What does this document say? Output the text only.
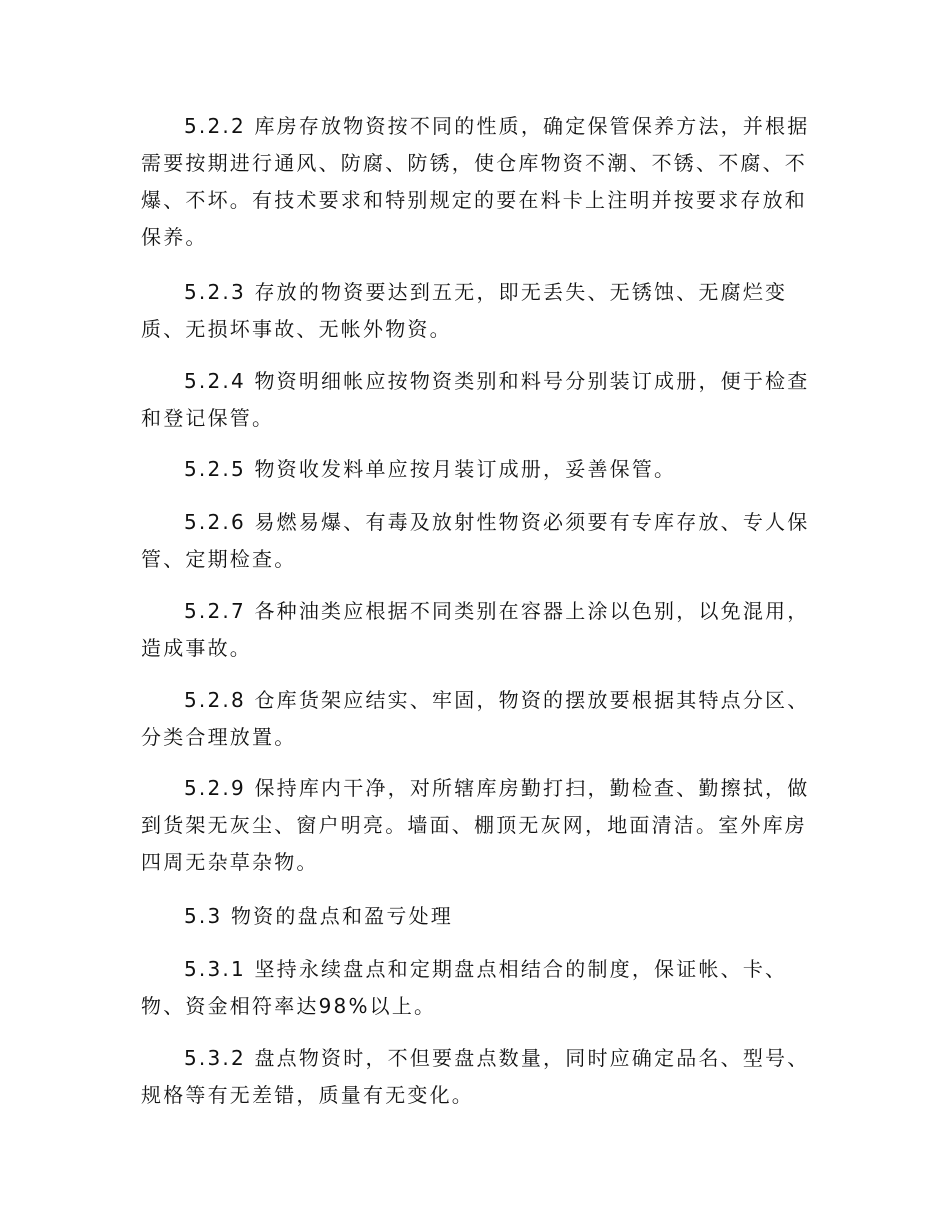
5.2.2 库房存放物资按不同的性质，确定保管保养方法，并根据
需要按期进行通风、防腐、防锈，使仓库物资不潮、不锈、不腐、不
爆、不坏。有技术要求和特别规定的要在料卡上注明并按要求存放和
保养。

5.2.3 存放的物资要达到五无，即无丢失、无锈蚀、无腐烂变
质、无损坏事故、无帐外物资。

5.2.4 物资明细帐应按物资类别和料号分别装订成册，便于检查
和登记保管。

5.2.5 物资收发料单应按月装订成册，妥善保管。

5.2.6 易燃易爆、有毒及放射性物资必须要有专库存放、专人保
管、定期检查。

5.2.7 各种油类应根据不同类别在容器上涂以色别，以免混用，
造成事故。

5.2.8 仓库货架应结实、牢固，物资的摆放要根据其特点分区、
分类合理放置。

5.2.9 保持库内干净，对所辖库房勤打扫，勤检查、勤擦拭，做
到货架无灰尘、窗户明亮。墙面、棚顶无灰网，地面清洁。室外库房
四周无杂草杂物。

5.3 物资的盘点和盈亏处理

5.3.1 坚持永续盘点和定期盘点相结合的制度，保证帐、卡、
物、资金相符率达98%以上。

5.3.2 盘点物资时，不但要盘点数量，同时应确定品名、型号、
规格等有无差错，质量有无变化。
